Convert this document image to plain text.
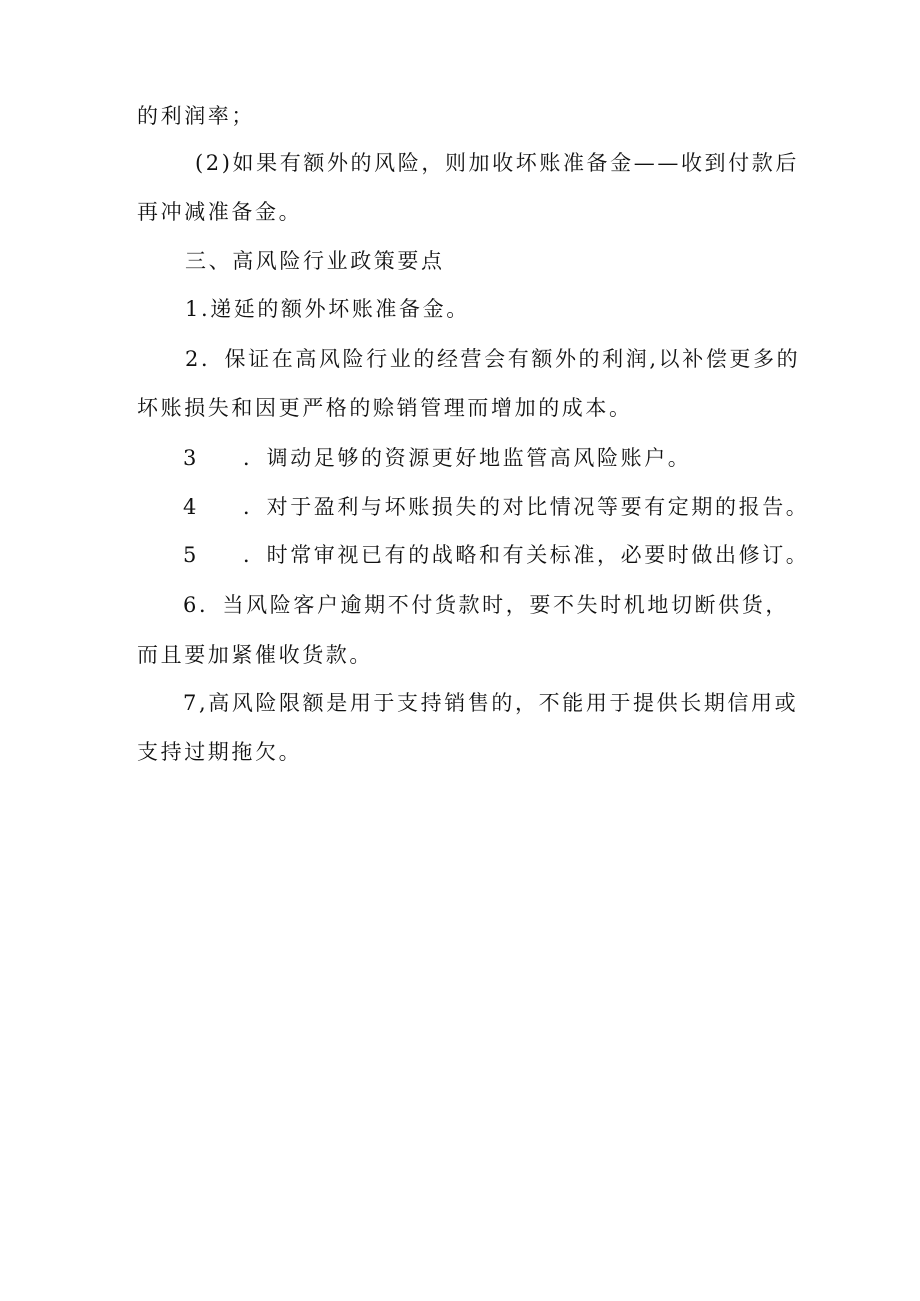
的利润率；
(2)如果有额外的风险，则加收坏账准备金——收到付款后
再冲减准备金。
三、高风险行业政策要点
1.递延的额外坏账准备金。
2．保证在高风险行业的经营会有额外的利润,以补偿更多的
坏账损失和因更严格的赊销管理而增加的成本。
3 ．调动足够的资源更好地监管高风险账户。
4 ．对于盈利与坏账损失的对比情况等要有定期的报告。
5 ．时常审视已有的战略和有关标准，必要时做出修订。
6．当风险客户逾期不付货款时，要不失时机地切断供货，
而且要加紧催收货款。
7,高风险限额是用于支持销售的，不能用于提供长期信用或
支持过期拖欠。
